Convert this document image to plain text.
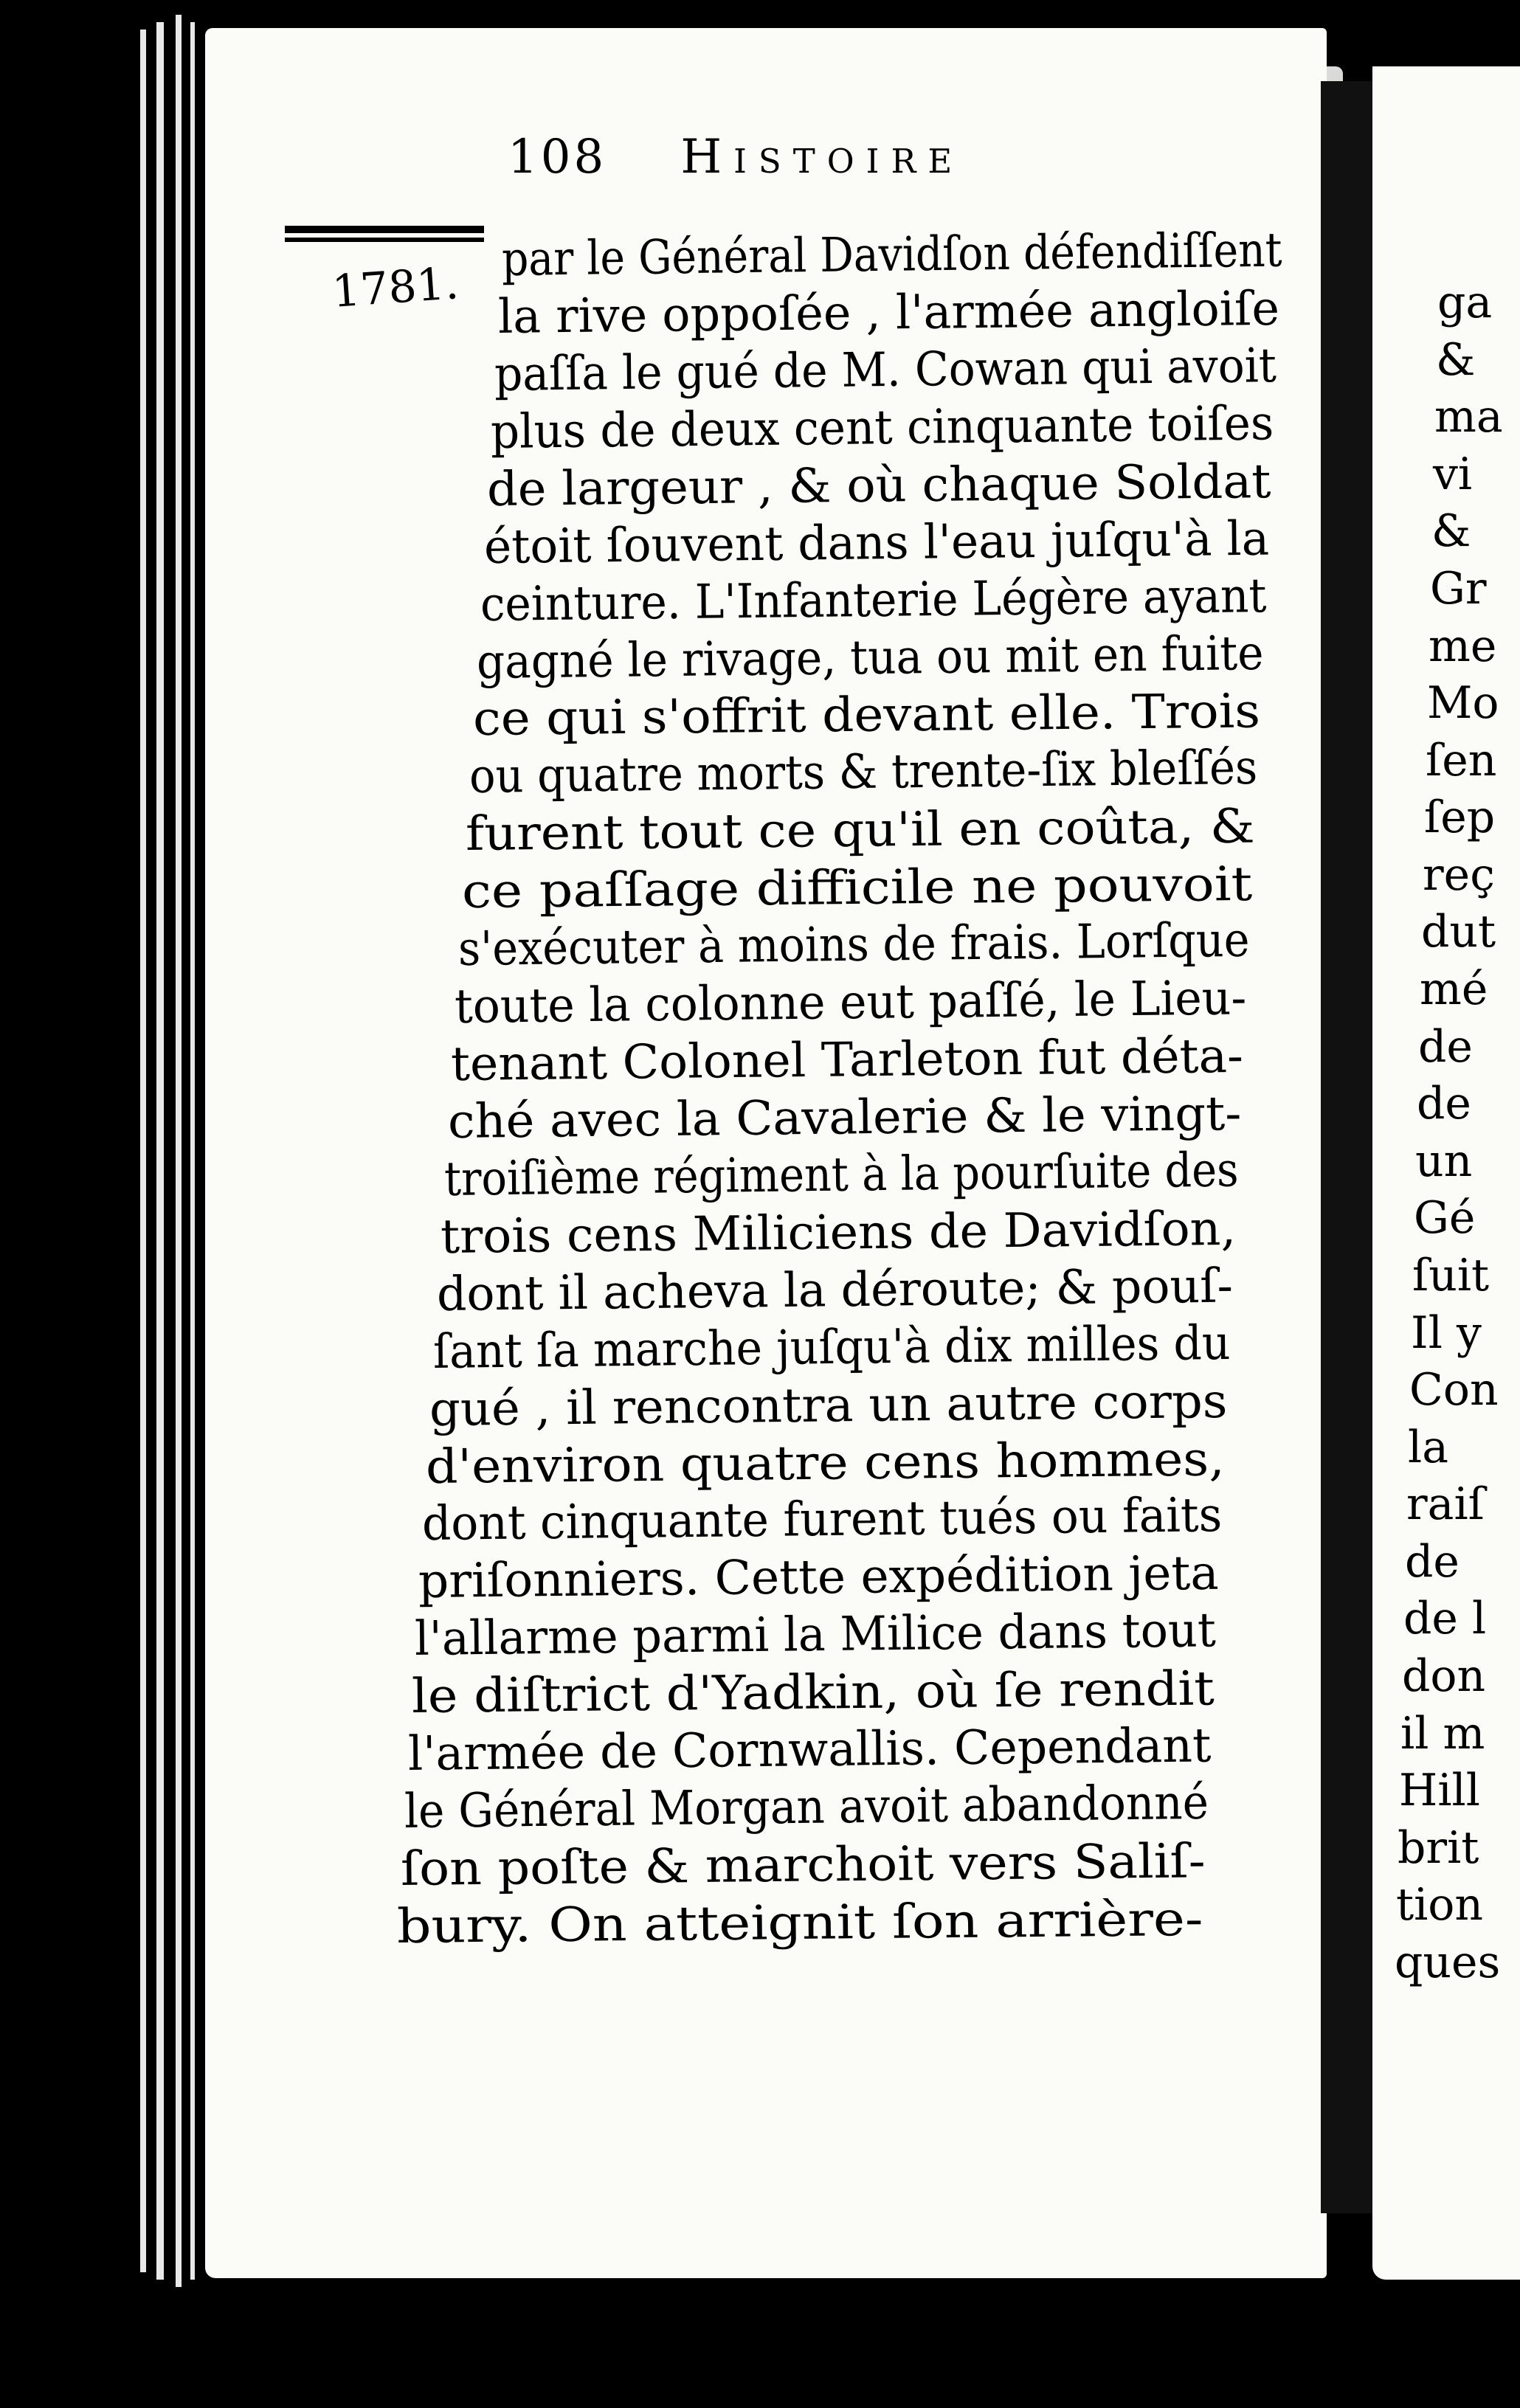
108 Histoire
1781.
par le Général Davidſon défendiſſent
la rive oppoſée , l'armée angloiſe
paſſa le gué de M. Cowan qui avoit
plus de deux cent cinquante toiſes
de largeur , & où chaque Soldat
étoit ſouvent dans l'eau juſqu'à la
ceinture. L'Infanterie Légère ayant
gagné le rivage, tua ou mit en fuite
ce qui s'offrit devant elle. Trois
ou quatre morts & trente-ſix bleſſés
furent tout ce qu'il en coûta, &
ce paſſage difficile ne pouvoit
s'exécuter à moins de frais. Lorſque
toute la colonne eut paſſé, le Lieu-
tenant Colonel Tarleton fut déta-
ché avec la Cavalerie & le vingt-
troiſième régiment à la pourſuite des
trois cens Miliciens de Davidſon,
dont il acheva la déroute; & pouſ-
ſant ſa marche juſqu'à dix milles du
gué , il rencontra un autre corps
d'environ quatre cens hommes,
dont cinquante furent tués ou faits
priſonniers. Cette expédition jeta
l'allarme parmi la Milice dans tout
le diſtrict d'Yadkin, où ſe rendit
l'armée de Cornwallis. Cependant
le Général Morgan avoit abandonné
ſon poſte & marchoit vers Saliſ-
bury. On atteignit ſon arrière-
ga
&
ma
vi
&
Gr
me
Mo
ſen
ſep
reç
dut
mé
de
de
un
Gé
ſuit
Il y
Con
la
raiſ
de
de l
don
il m
Hill
brit
tion
ques
